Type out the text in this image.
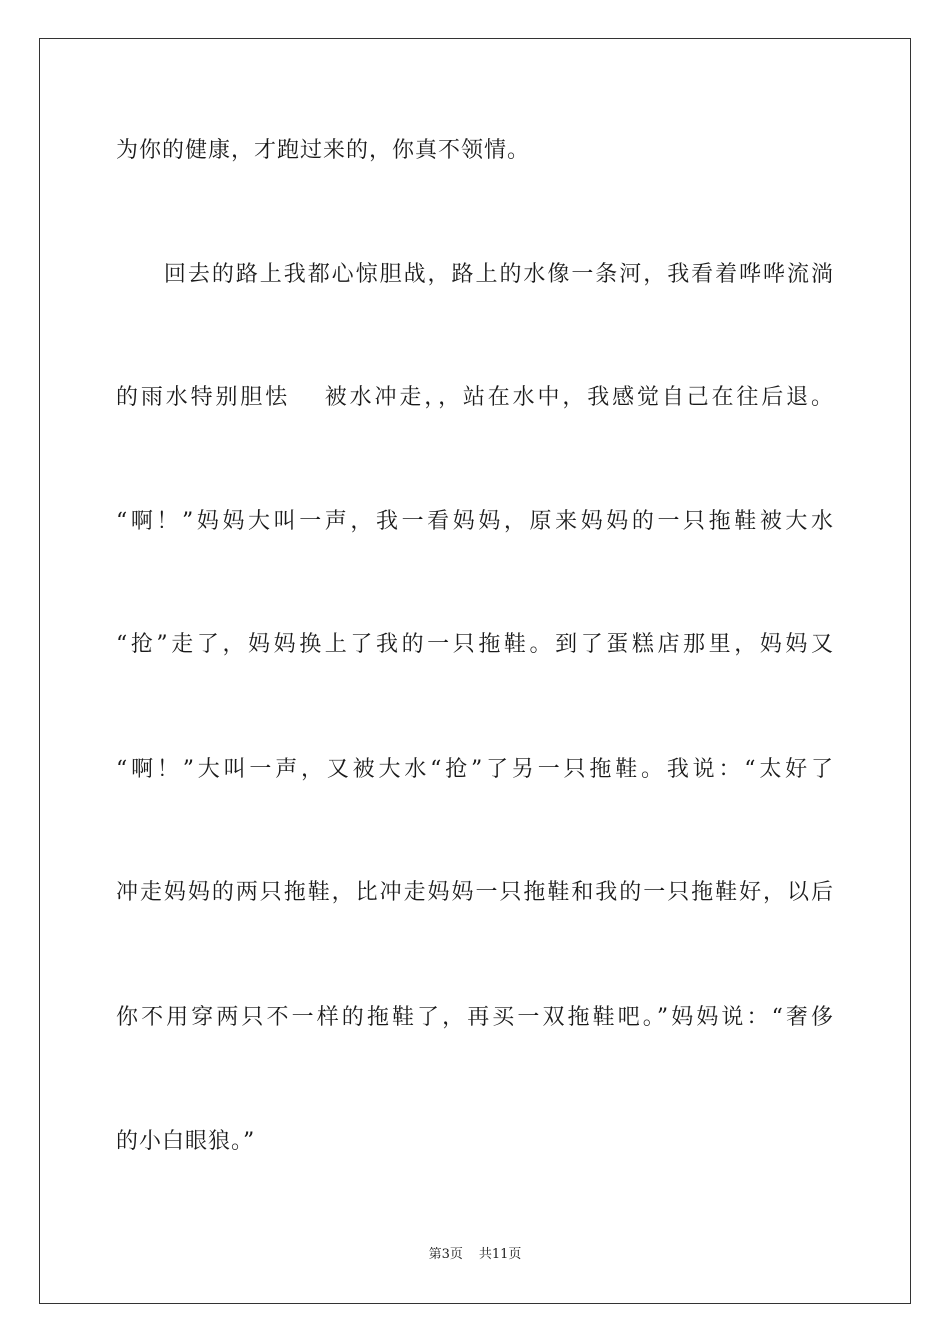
为你的健康，才跑过来的，你真不领情。
　　回去的路上我都心惊胆战，路上的水像一条河，我看着哗哗流淌
的雨水特别胆怯　 被水冲走，，站在水中，我感觉自己在往后退。
“啊！”妈妈大叫一声，我一看妈妈，原来妈妈的一只拖鞋被大水
“抢”走了，妈妈换上了我的一只拖鞋。到了蛋糕店那里，妈妈又
“啊！”大叫一声，又被大水“抢”了另一只拖鞋。我说：“太好了
冲走妈妈的两只拖鞋，比冲走妈妈一只拖鞋和我的一只拖鞋好，以后
你不用穿两只不一样的拖鞋了，再买一双拖鞋吧。”妈妈说：“奢侈
的小白眼狼。”
第3页 共11页
